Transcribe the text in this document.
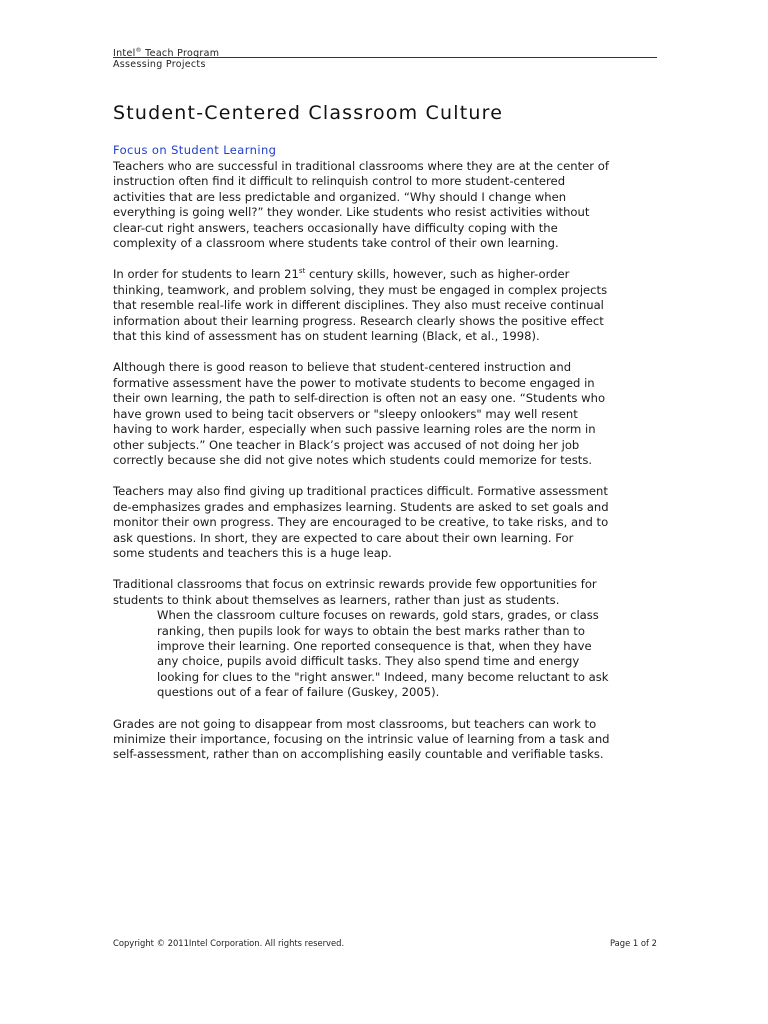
Intel® Teach Program
Assessing Projects
Student-Centered Classroom Culture
Focus on Student Learning

Teachers who are successful in traditional classrooms where they are at the center of
instruction often find it difficult to relinquish control to more student-centered
activities that are less predictable and organized. “Why should I change when
everything is going well?” they wonder. Like students who resist activities without
clear-cut right answers, teachers occasionally have difficulty coping with the
complexity of a classroom where students take control of their own learning.

In order for students to learn 21st century skills, however, such as higher-order
thinking, teamwork, and problem solving, they must be engaged in complex projects
that resemble real-life work in different disciplines. They also must receive continual
information about their learning progress. Research clearly shows the positive effect
that this kind of assessment has on student learning (Black, et al., 1998).

Although there is good reason to believe that student-centered instruction and
formative assessment have the power to motivate students to become engaged in
their own learning, the path to self-direction is often not an easy one. “Students who
have grown used to being tacit observers or "sleepy onlookers" may well resent
having to work harder, especially when such passive learning roles are the norm in
other subjects.” One teacher in Black’s project was accused of not doing her job
correctly because she did not give notes which students could memorize for tests.

Teachers may also find giving up traditional practices difficult. Formative assessment
de-emphasizes grades and emphasizes learning. Students are asked to set goals and
monitor their own progress. They are encouraged to be creative, to take risks, and to
ask questions. In short, they are expected to care about their own learning. For
some students and teachers this is a huge leap.

Traditional classrooms that focus on extrinsic rewards provide few opportunities for
students to think about themselves as learners, rather than just as students.

When the classroom culture focuses on rewards, gold stars, grades, or class
ranking, then pupils look for ways to obtain the best marks rather than to
improve their learning. One reported consequence is that, when they have
any choice, pupils avoid difficult tasks. They also spend time and energy
looking for clues to the "right answer." Indeed, many become reluctant to ask
questions out of a fear of failure (Guskey, 2005).

Grades are not going to disappear from most classrooms, but teachers can work to
minimize their importance, focusing on the intrinsic value of learning from a task and
self-assessment, rather than on accomplishing easily countable and verifiable tasks.

Copyright © 2011Intel Corporation. All rights reserved.	Page 1 of 2
